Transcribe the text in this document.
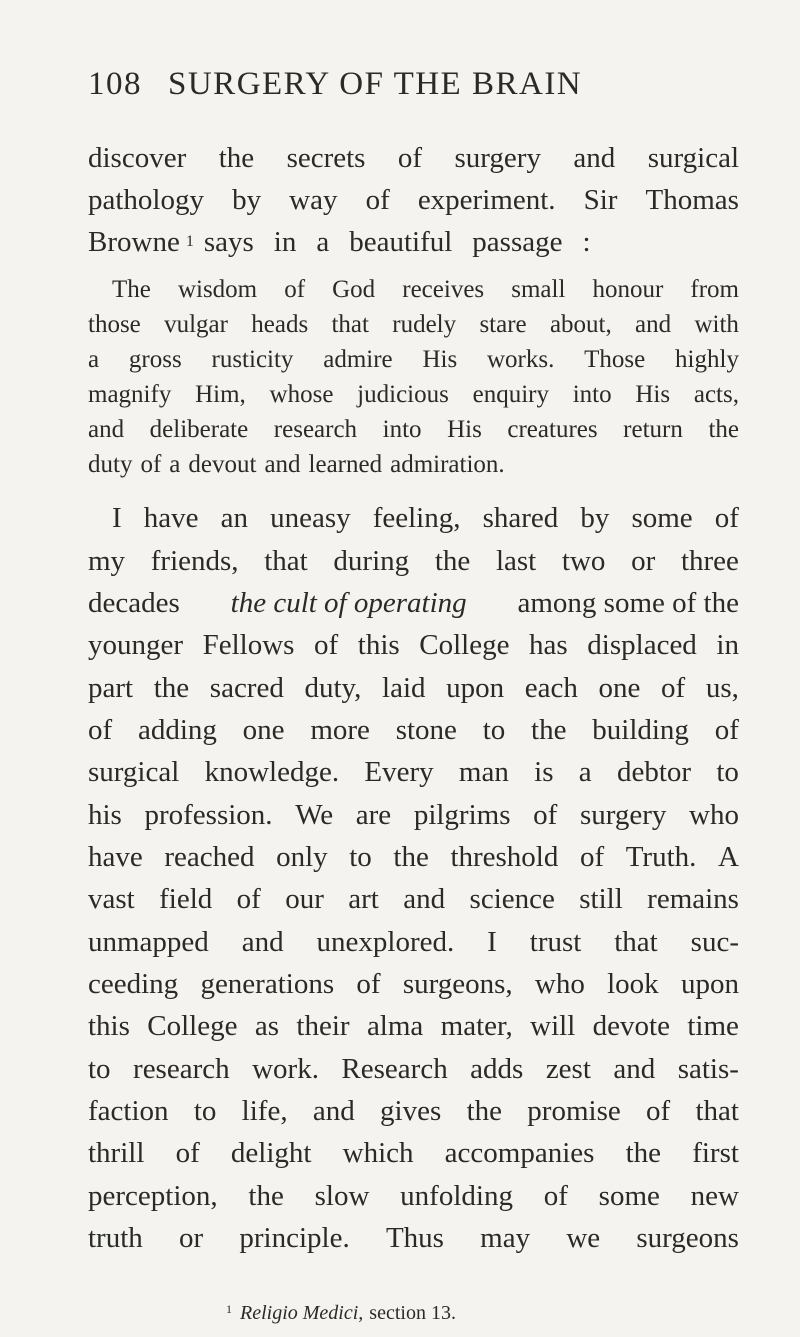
108 SURGERY OF THE BRAIN
discover the secrets of surgery and surgical
pathology by way of experiment. Sir Thomas
Browne 1 says in a beautiful passage :
The wisdom of God receives small honour from
those vulgar heads that rudely stare about, and with
a gross rusticity admire His works. Those highly
magnify Him, whose judicious enquiry into His acts,
and deliberate research into His creatures return the
duty of a devout and learned admiration.
I have an uneasy feeling, shared by some of
my friends, that during the last two or three
decades the cult of operating among some of the
younger Fellows of this College has displaced in
part the sacred duty, laid upon each one of us,
of adding one more stone to the building of
surgical knowledge. Every man is a debtor to
his profession. We are pilgrims of surgery who
have reached only to the threshold of Truth. A
vast field of our art and science still remains
unmapped and unexplored. I trust that suc-
ceeding generations of surgeons, who look upon
this College as their alma mater, will devote time
to research work. Research adds zest and satis-
faction to life, and gives the promise of that
thrill of delight which accompanies the first
perception, the slow unfolding of some new
truth or principle. Thus may we surgeons
$^1$ Religio Medici, section 13.
